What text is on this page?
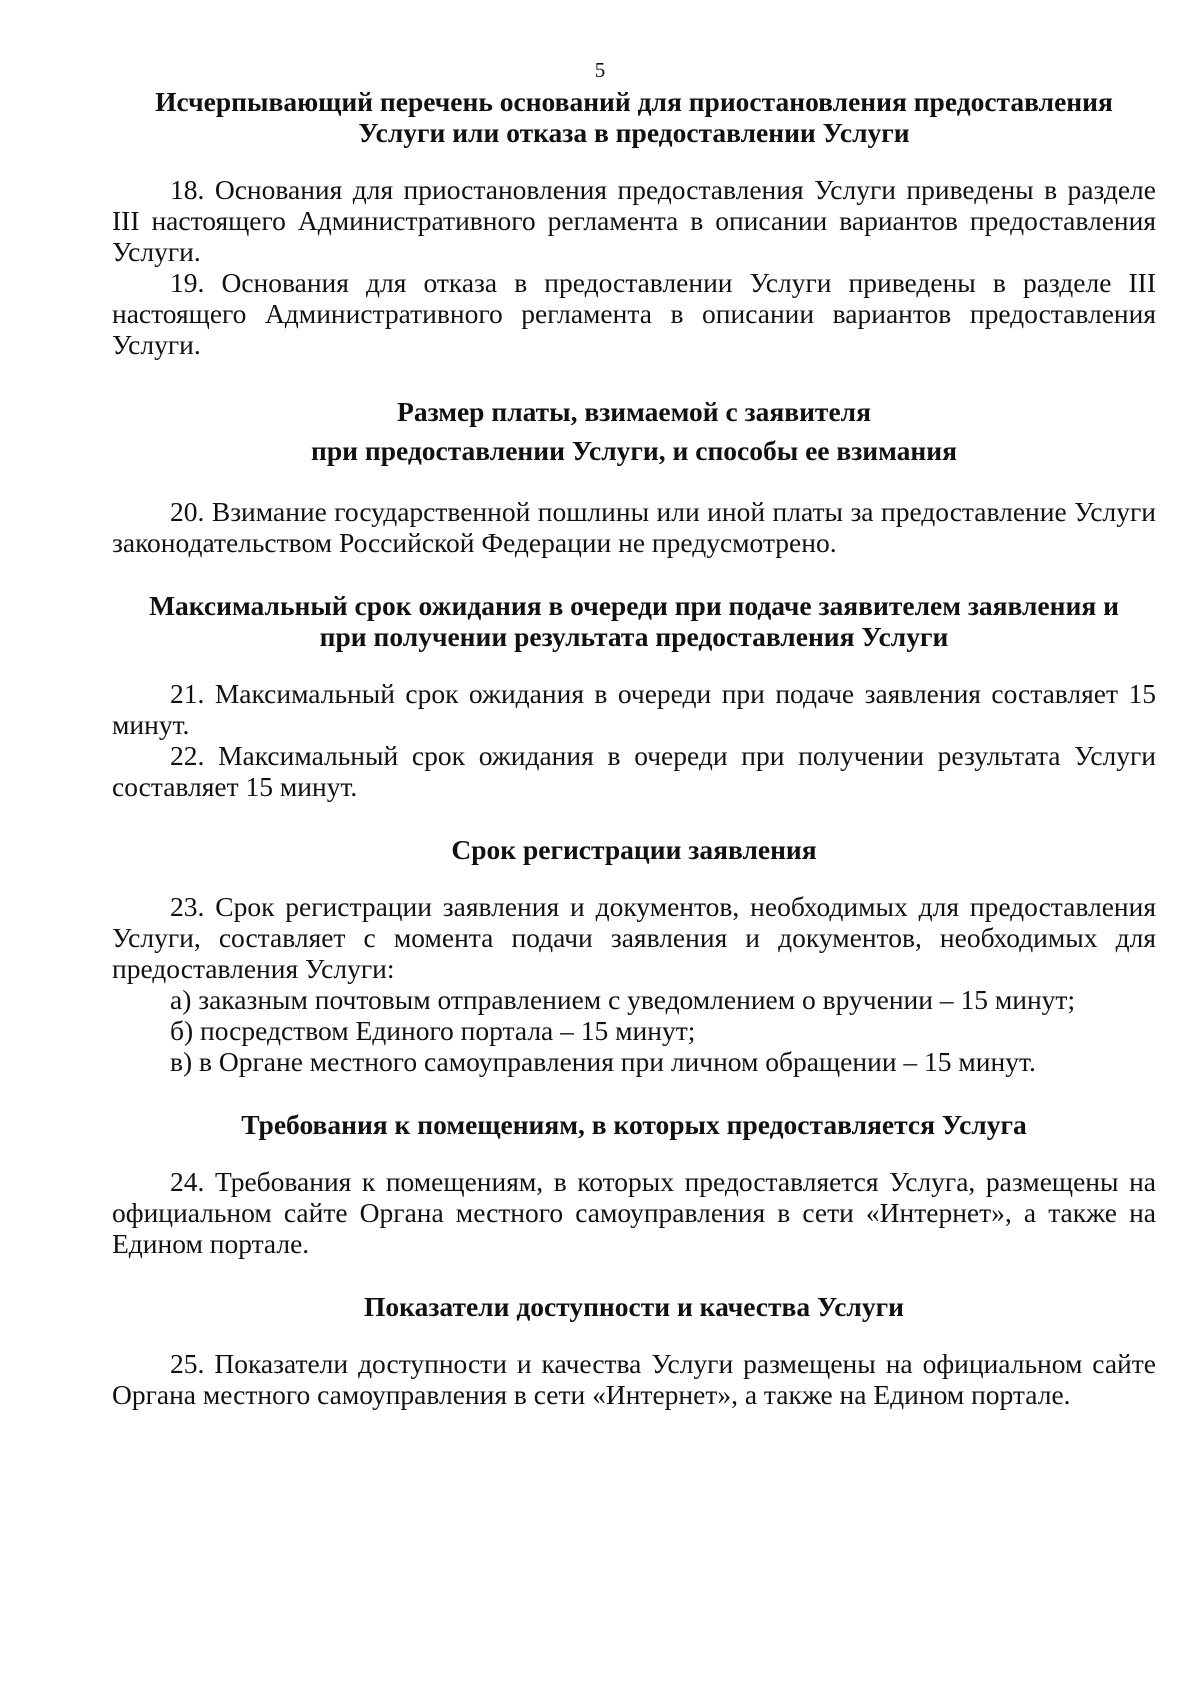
5
Исчерпывающий перечень оснований для приостановления предоставления
Услуги или отказа в предоставлении Услуги

18. Основания для приостановления предоставления Услуги приведены в разделе III настоящего Административного регламента в описании вариантов предоставления Услуги.

19. Основания для отказа в предоставлении Услуги приведены в разделе III настоящего Административного регламента в описании вариантов предоставления Услуги.

Размер платы, взимаемой с заявителя
при предоставлении Услуги, и способы ее взимания

20. Взимание государственной пошлины или иной платы за предоставление Услуги законодательством Российской Федерации не предусмотрено.

Максимальный срок ожидания в очереди при подаче заявителем заявления и
при получении результата предоставления Услуги

21. Максимальный срок ожидания в очереди при подаче заявления составляет 15 минут.

22. Максимальный срок ожидания в очереди при получении результата Услуги составляет 15 минут.

Срок регистрации заявления

23. Срок регистрации заявления и документов, необходимых для предоставления Услуги, составляет с момента подачи заявления и документов, необходимых для предоставления Услуги:

а) заказным почтовым отправлением с уведомлением о вручении – 15 минут;

б) посредством Единого портала – 15 минут;

в) в Органе местного самоуправления при личном обращении – 15 минут.

Требования к помещениям, в которых предоставляется Услуга

24. Требования к помещениям, в которых предоставляется Услуга, размещены на официальном сайте Органа местного самоуправления в сети «Интернет», а также на Едином портале.

Показатели доступности и качества Услуги

25. Показатели доступности и качества Услуги размещены на официальном сайте Органа местного самоуправления в сети «Интернет», а также на Едином портале.
